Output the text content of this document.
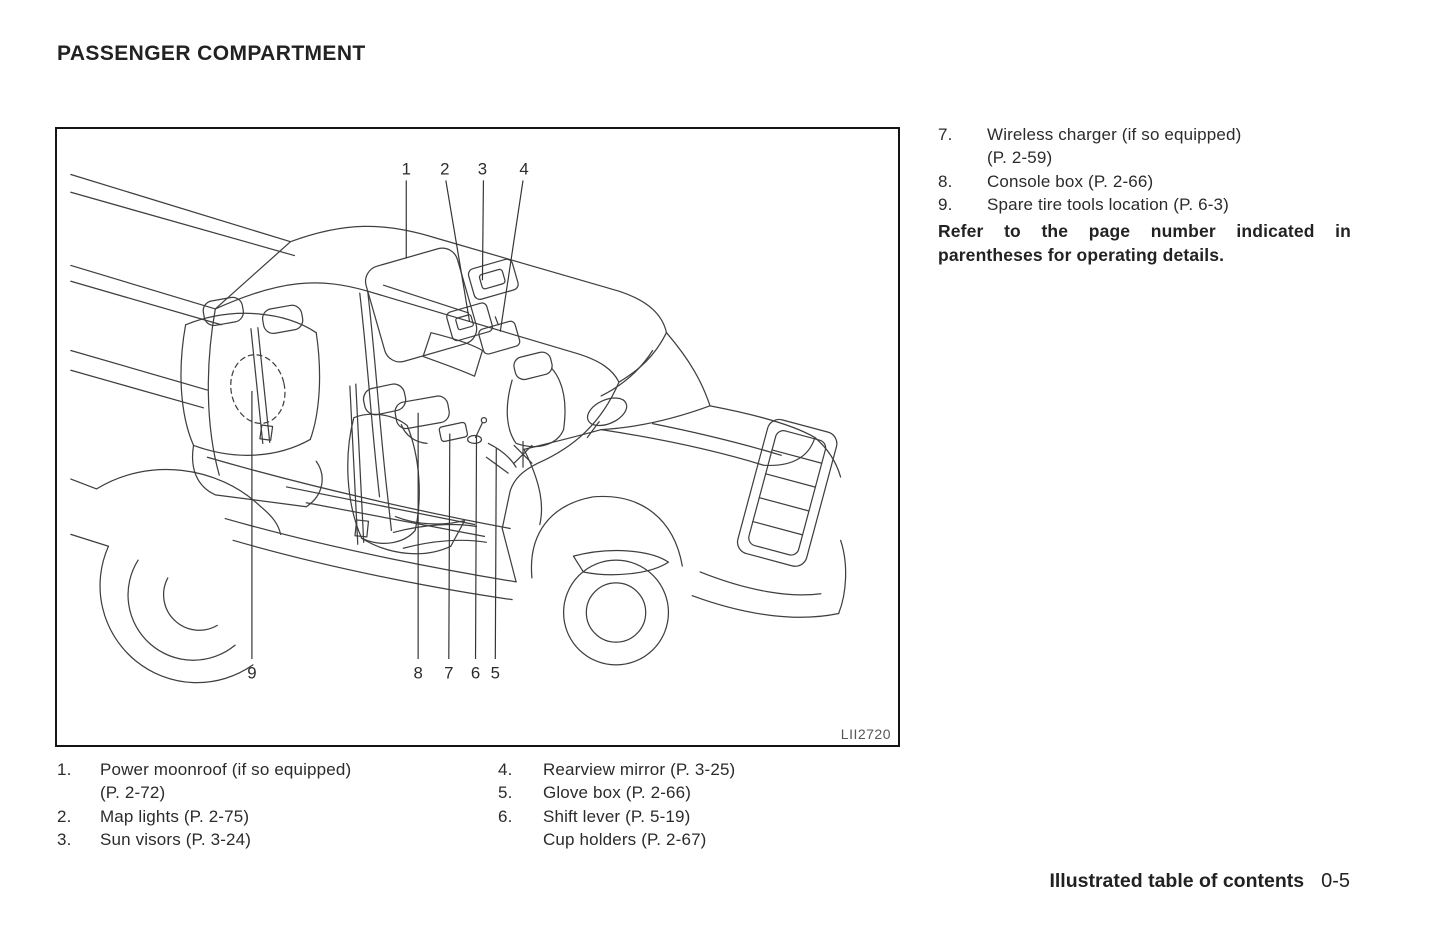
PASSENGER COMPARTMENT
1 2 3 4
9	8 7 6 5
LII2720
7.	Wireless charger (if so equipped)
(P. 2-59)
8.	Console box (P. 2-66)
9.	Spare tire tools location (P. 6-3)
Refer to the page number indicated in
parentheses for operating details.
1.	Power moonroof (if so equipped)
(P. 2-72)
2.	Map lights (P. 2-75)
3.	Sun visors (P. 3-24)
4.	Rearview mirror (P. 3-25)
5.	Glove box (P. 2-66)
6.	Shift lever (P. 5-19)
Cup holders (P. 2-67)
Illustrated table of contents 0-5
